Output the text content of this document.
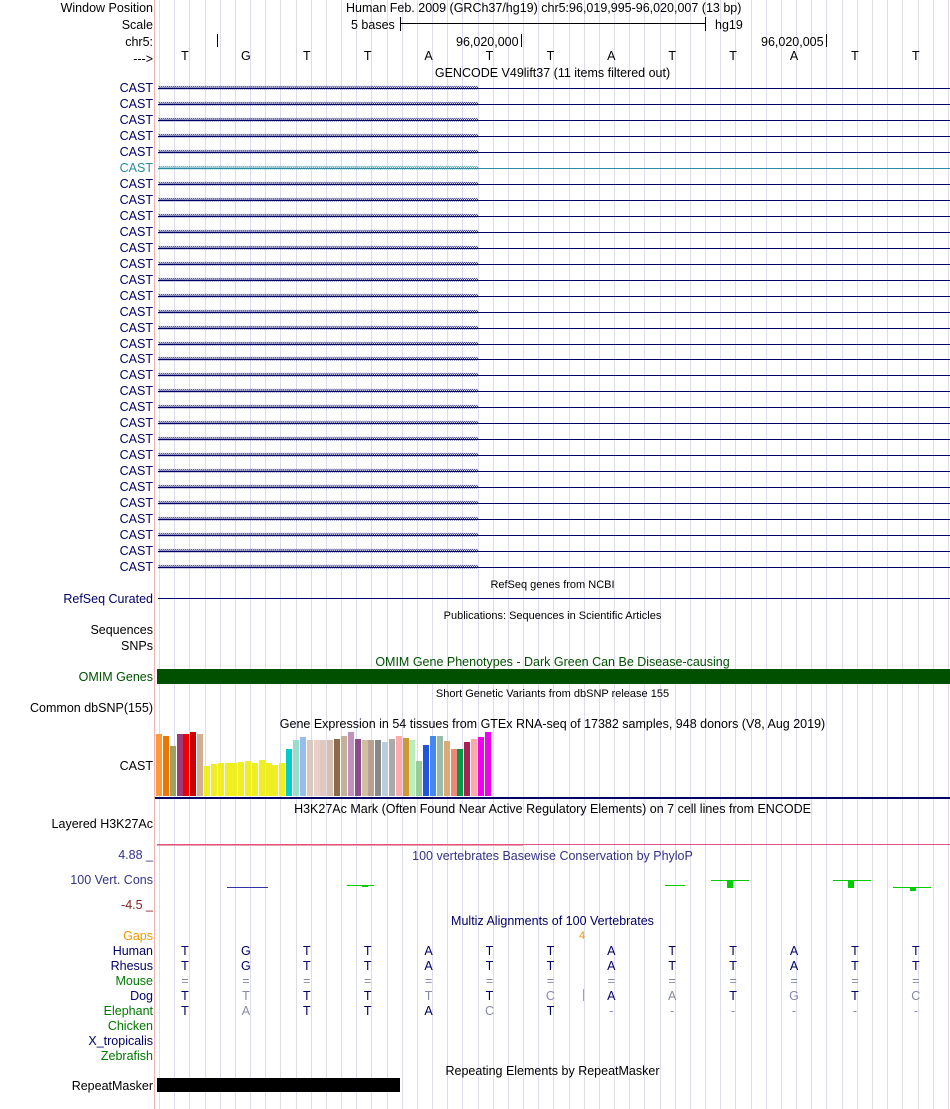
Window Position	Human Feb. 2009 (GRCh37/hg19) chr5:96,019,995-96,020,007 (13 bp)
Scale	5 bases	hg19
chr5:	96,020,000	96,020,005
--->	T	G	T	T	A	T	T	A	T	T	A	T	T
GENCODE V49lift37 (11 items filtered out)
CAST ››››››››››››››››››››››››››››››››››››››››››››››››››››››››››››››››››››››››››››››››››››››››››››››››››››››››››››››››››››››››››››››››››››››››››››››››››››››››››››››››
CAST ››››››››››››››››››››››››››››››››››››››››››››››››››››››››››››››››››››››››››››››››››››››››››››››››››››››››››››››››››››››››››››››››››››››››››››››››››››››››››››››››
CAST ››››››››››››››››››››››››››››››››››››››››››››››››››››››››››››››››››››››››››››››››››››››››››››››››››››››››››››››››››››››››››››››››››››››››››››››››››››››››››››››››
CAST ››››››››››››››››››››››››››››››››››››››››››››››››››››››››››››››››››››››››››››››››››››››››››››››››››››››››››››››››››››››››››››››››››››››››››››››››››››››››››››››››
CAST ››››››››››››››››››››››››››››››››››››››››››››››››››››››››››››››››››››››››››››››››››››››››››››››››››››››››››››››››››››››››››››››››››››››››››››››››››››››››››››››››
CAST ››››››››››››››››››››››››››››››››››››››››››››››››››››››››››››››››››››››››››››››››››››››››››››››››››››››››››››››››››››››››››››››››››››››››››››››››››››››››››››››››
CAST ››››››››››››››››››››››››››››››››››››››››››››››››››››››››››››››››››››››››››››››››››››››››››››››››››››››››››››››››››››››››››››››››››››››››››››››››››››››››››››››››
CAST ››››››››››››››››››››››››››››››››››››››››››››››››››››››››››››››››››››››››››››››››››››››››››››››››››››››››››››››››››››››››››››››››››››››››››››››››››››››››››››››››
CAST ››››››››››››››››››››››››››››››››››››››››››››››››››››››››››››››››››››››››››››››››››››››››››››››››››››››››››››››››››››››››››››››››››››››››››››››››››››››››››››››››
CAST ››››››››››››››››››››››››››››››››››››››››››››››››››››››››››››››››››››››››››››››››››››››››››››››››››››››››››››››››››››››››››››››››››››››››››››››››››››››››››››››››
CAST ››››››››››››››››››››››››››››››››››››››››››››››››››››››››››››››››››››››››››››››››››››››››››››››››››››››››››››››››››››››››››››››››››››››››››››››››››››››››››››››››
CAST ››››››››››››››››››››››››››››››››››››››››››››››››››››››››››››››››››››››››››››››››››››››››››››››››››››››››››››››››››››››››››››››››››››››››››››››››››››››››››››››››
CAST ››››››››››››››››››››››››››››››››››››››››››››››››››››››››››››››››››››››››››››››››››››››››››››››››››››››››››››››››››››››››››››››››››››››››››››››››››››››››››››››››
CAST ››››››››››››››››››››››››››››››››››››››››››››››››››››››››››››››››››››››››››››››››››››››››››››››››››››››››››››››››››››››››››››››››››››››››››››››››››››››››››››››››
CAST ››››››››››››››››››››››››››››››››››››››››››››››››››››››››››››››››››››››››››››››››››››››››››››››››››››››››››››››››››››››››››››››››››››››››››››››››››››››››››››››››
CAST ››››››››››››››››››››››››››››››››››››››››››››››››››››››››››››››››››››››››››››››››››››››››››››››››››››››››››››››››››››››››››››››››››››››››››››››››››››››››››››››››
CAST ››››››››››››››››››››››››››››››››››››››››››››››››››››››››››››››››››››››››››››››››››››››››››››››››››››››››››››››››››››››››››››››››››››››››››››››››››››››››››››››››
CAST ››››››››››››››››››››››››››››››››››››››››››››››››››››››››››››››››››››››››››››››››››››››››››››››››››››››››››››››››››››››››››››››››››››››››››››››››››››››››››››››››
CAST ››››››››››››››››››››››››››››››››››››››››››››››››››››››››››››››››››››››››››››››››››››››››››››››››››››››››››››››››››››››››››››››››››››››››››››››››››››››››››››››››
CAST ››››››››››››››››››››››››››››››››››››››››››››››››››››››››››››››››››››››››››››››››››››››››››››››››››››››››››››››››››››››››››››››››››››››››››››››››››››››››››››››››
CAST ››››››››››››››››››››››››››››››››››››››››››››››››››››››››››››››››››››››››››››››››››››››››››››››››››››››››››››››››››››››››››››››››››››››››››››››››››››››››››››››››
CAST ››››››››››››››››››››››››››››››››››››››››››››››››››››››››››››››››››››››››››››››››››››››››››››››››››››››››››››››››››››››››››››››››››››››››››››››››››››››››››››››››
CAST ››››››››››››››››››››››››››››››››››››››››››››››››››››››››››››››››››››››››››››››››››››››››››››››››››››››››››››››››››››››››››››››››››››››››››››››››››››››››››››››››
CAST ››››››››››››››››››››››››››››››››››››››››››››››››››››››››››››››››››››››››››››››››››››››››››››››››››››››››››››››››››››››››››››››››››››››››››››››››››››››››››››››››
CAST ››››››››››››››››››››››››››››››››››››››››››››››››››››››››››››››››››››››››››››››››››››››››››››››››››››››››››››››››››››››››››››››››››››››››››››››››››››››››››››››››
CAST ››››››››››››››››››››››››››››››››››››››››››››››››››››››››››››››››››››››››››››››››››››››››››››››››››››››››››››››››››››››››››››››››››››››››››››››››››››››››››››››››
CAST ››››››››››››››››››››››››››››››››››››››››››››››››››››››››››››››››››››››››››››››››››››››››››››››››››››››››››››››››››››››››››››››››››››››››››››››››››››››››››››››››
CAST ››››››››››››››››››››››››››››››››››››››››››››››››››››››››››››››››››››››››››››››››››››››››››››››››››››››››››››››››››››››››››››››››››››››››››››››››››››››››››››››››
CAST ››››››››››››››››››››››››››››››››››››››››››››››››››››››››››››››››››››››››››››››››››››››››››››››››››››››››››››››››››››››››››››››››››››››››››››››››››››››››››››››››
CAST ››››››››››››››››››››››››››››››››››››››››››››››››››››››››››››››››››››››››››››››››››››››››››››››››››››››››››››››››››››››››››››››››››››››››››››››››››››››››››››››››
CAST ››››››››››››››››››››››››››››››››››››››››››››››››››››››››››››››››››››››››››››››››››››››››››››››››››››››››››››››››››››››››››››››››››››››››››››››››››››››››››››››››
RefSeq genes from NCBI
RefSeq Curated
Publications: Sequences in Scientific Articles
Sequences
SNPs
OMIM Gene Phenotypes - Dark Green Can Be Disease-causing
OMIM Genes
Short Genetic Variants from dbSNP release 155
Common dbSNP(155)
Gene Expression in 54 tissues from GTEx RNA-seq of 17382 samples, 948 donors (V8, Aug 2019)
CAST
H3K27Ac Mark (Often Found Near Active Regulatory Elements) on 7 cell lines from ENCODE
Layered H3K27Ac
100 vertebrates Basewise Conservation by PhyloP
4.88 _
100 Vert. Cons
-4.5 _
Multiz Alignments of 100 Vertebrates
Gaps	4
Human	T	G	T	T	A	T	T	A	T	T	A	T	T
Rhesus	T	G	T	T	A	T	T	A	T	T	A	T	T
Mouse	=	=	=	=	=	=	=	=	=	=	=	=	=
Dog	T	T	T	T	T	T	C	A	A	T	G	T	C
Elephant	T	A	T	T	A	C	T	-	-	-	-	-	-
Chicken
X_tropicalis
Zebrafish
Repeating Elements by RepeatMasker
RepeatMasker
